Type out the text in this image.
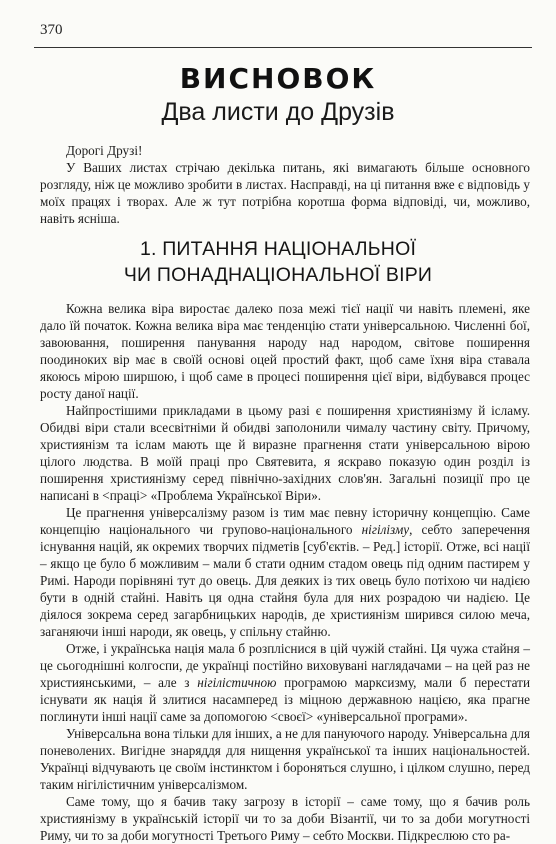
370
ВИСНОВОК
Два листи до Друзів

Дорогі Друзі!

У Ваших листах стрічаю декілька питань, які вимагають більше основного розгляду, ніж це можливо зробити в листах. Насправді, на ці питання вже є відповідь у моїх працях і творах. Але ж тут потрібна коротша форма відповіді, чи, можливо, навіть ясніша.

1. ПИТАННЯ НАЦІОНАЛЬНОЇ
ЧИ ПОНАДНАЦІОНАЛЬНОЇ ВІРИ

Кожна велика віра виростає далеко поза межі тієї нації чи навіть племені, яке дало їй початок. Кожна велика віра має тенденцію стати універсальною. Численні бої, завоювання, поширення панування народу над народом, світове поширення поодиноких вір має в своїй основі оцей простий факт, щоб саме їхня віра ставала якоюсь мірою ширшою, і щоб саме в процесі поширення цієї віри, відбувався процес росту даної нації.

Найпростішими прикладами в цьому разі є поширення християнізму й ісламу. Обидві віри стали всесвітніми й обидві заполонили чималу частину світу. Причому, християнізм та іслам мають ще й виразне прагнення стати універсальною вірою цілого людства. В моїй праці про Святевита, я яскраво показую один розділ із поширення християнізму серед північно-західних слов'ян. Загальні позиції про це написані в <праці> «Проблема Української Віри».

Це прагнення універсалізму разом із тим має певну історичну концепцію. Саме концепцію національного чи групово-національного нігілізму, себто заперечення існування націй, як окремих творчих підметів [суб'єктів. – Ред.] історії. Отже, всі нації – якщо це було б можливим – мали б стати одним стадом овець під одним пастирем у Римі. Народи порівняні тут до овець. Для деяких із тих овець було потіхою чи надією бути в одній стайні. Навіть ця одна стайня була для них розрадою чи надією. Це діялося зокрема серед загарбницьких народів, де християнізм ширився силою меча, заганяючи інші народи, як овець, у спільну стайню.

Отже, і українська нація мала б розпліснися в цій чужій стайні. Ця чужа стайня – це сьогоднішні колгоспи, де українці постійно виховувані наглядачами – на цей раз не християнськими, – але з нігілістичною програмою марксизму, мали б перестати існувати як нація й злитися насамперед із міцною державною нацією, яка прагне поглинути інші нації саме за допомогою <своєї> «універсальної програми».

Універсальна вона тільки для інших, а не для пануючого народу. Універсальна для поневолених. Вигідне знаряддя для нищення української та інших національностей. Українці відчувають це своїм інстинктом і бороняться слушно, і цілком слушно, перед таким нігілістичним універсалізмом.

Саме тому, що я бачив таку загрозу в історії – саме тому, що я бачив роль християнізму в українській історії чи то за доби Візантії, чи то за доби могутності Риму, чи то за доби могутності Третього Риму – себто Москви. Підкреслюю сто ра-
